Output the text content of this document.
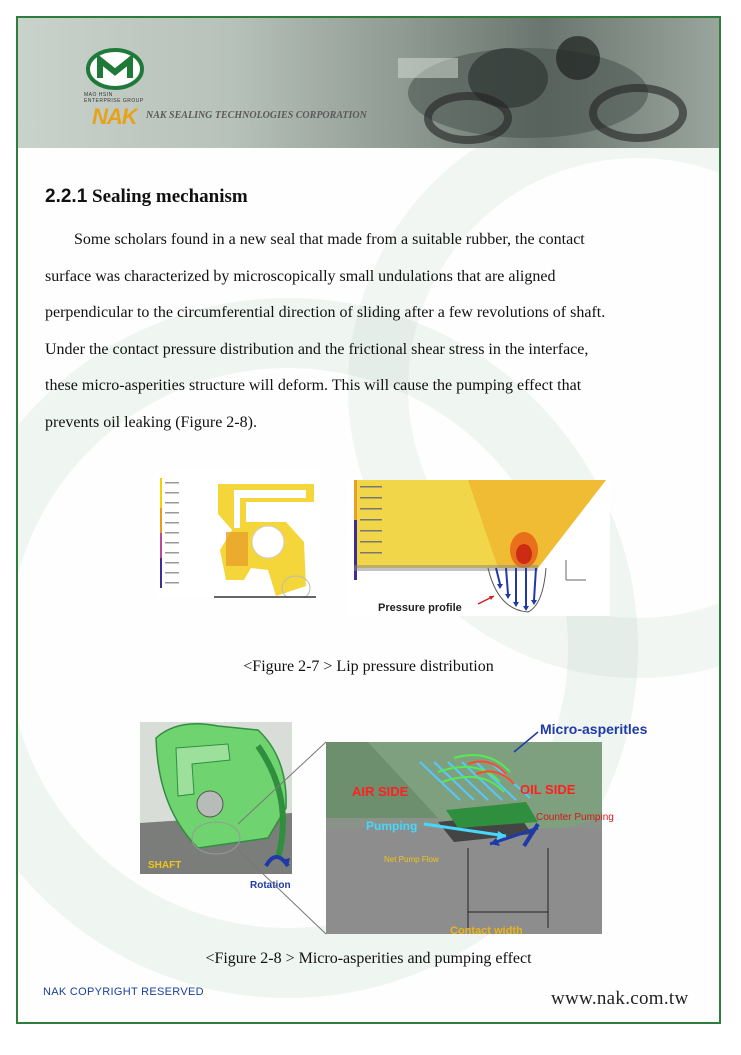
MAO HSIN
ENTERPRISE GROUP
NAK NAK SEALING TECHNOLOGIES CORPORATION
2.2.1 Sealing mechanism
Some scholars found in a new seal that made from a suitable rubber, the contact
surface was characterized by microscopically small undulations that are aligned
perpendicular to the circumferential direction of sliding after a few revolutions of shaft.
Under the contact pressure distribution and the frictional shear stress in the interface,
these micro-asperities structure will deform. This will cause the pumping effect that
prevents oil leaking (Figure 2-8).
Pressure profile
<Figure 2-7 > Lip pressure distribution
SHAFT
Rotation
Micro-asperitles
AIR SIDE	OIL SIDE
Pumping
Counter Pumping
Net Pump Flow
Contact width
<Figure 2-8 > Micro-asperities and pumping effect
NAK COPYRIGHT RESERVED	www.nak.com.tw
